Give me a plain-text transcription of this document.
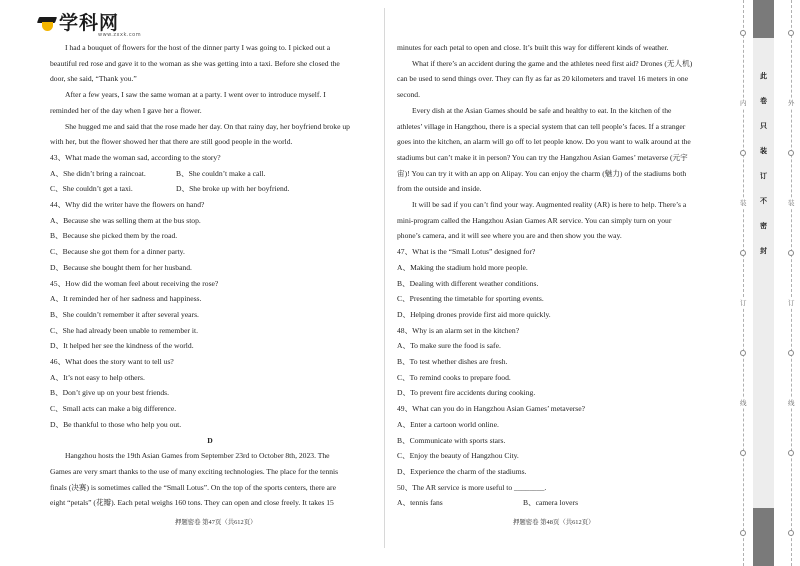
学科网
www.zxxk.com

I had a bouquet of flowers for the host of the dinner party I was going to. I picked out a

beautiful red rose and gave it to the woman as she was getting into a taxi. Before she closed the

door, she said, “Thank you.”

After a few years, I saw the same woman at a party. I went over to introduce myself. I

reminded her of the day when I gave her a flower.

She hugged me and said that the rose made her day. On that rainy day, her boyfriend broke up

with her, but the flower showed her that there are still good people in the world.

43、What made the woman sad, according to the story?

A、She didn’t bring a raincoat.	B、She couldn’t make a call.

C、She couldn’t get a taxi.	D、She broke up with her boyfriend.

44、Why did the writer have the flowers on hand?

A、Because she was selling them at the bus stop.

B、Because she picked them by the road.

C、Because she got them for a dinner party.

D、Because she bought them for her husband.

45、How did the woman feel about receiving the rose?

A、It reminded her of her sadness and happiness.

B、She couldn’t remember it after several years.

C、She had already been unable to remember it.

D、It helped her see the kindness of the world.

46、What does the story want to tell us?

A、It’s not easy to help others.

B、Don’t give up on your best friends.

C、Small acts can make a big difference.

D、Be thankful to those who help you out.

D

Hangzhou hosts the 19th Asian Games from September 23rd to October 8th, 2023. The

Games are very smart thanks to the use of many exciting technologies. The place for the tennis

finals (决赛) is sometimes called the “Small Lotus”. On the top of the sports centers, there are

eight “petals” (花瓣). Each petal weighs 160 tons. They can open and close freely. It takes 15

minutes for each petal to open and close. It’s built this way for different kinds of weather.

What if there’s an accident during the game and the athletes need first aid? Drones (无人机)

can be used to send things over. They can fly as far as 20 kilometers and travel 16 meters in one

second.

Every dish at the Asian Games should be safe and healthy to eat. In the kitchen of the

athletes’ village in Hangzhou, there is a special system that can tell people’s faces. If a stranger

goes into the kitchen, an alarm will go off to let people know. Do you want to walk around at the

stadiums but can’t make it in person? You can try the Hangzhou Asian Games’ metaverse (元宇

宙)! You can try it with an app on Alipay. You can enjoy the charm (魅力) of the stadiums both

from the outside and inside.

It will be sad if you can’t find your way. Augmented reality (AR) is here to help. There’s a

mini-program called the Hangzhou Asian Games AR service. You can simply turn on your

phone’s camera, and it will see where you are and then show you the way.

47、What is the “Small Lotus” designed for?

A、Making the stadium hold more people.

B、Dealing with different weather conditions.

C、Presenting the timetable for sporting events.

D、Helping drones provide first aid more quickly.

48、Why is an alarm set in the kitchen?

A、To make sure the food is safe.

B、To test whether dishes are fresh.

C、To remind cooks to prepare food.

D、To prevent fire accidents during cooking.

49、What can you do in Hangzhou Asian Games’ metaverse?

A、Enter a cartoon world online.

B、Communicate with sports stars.

C、Enjoy the beauty of Hangzhou City.

D、Experience the charm of the stadiums.

50、The AR service is more useful to ________.

A、tennis fans	B、camera lovers

押题密卷 第47页（共612页）	押题密卷 第48页（共612页）
此
卷
只
装
订
不
密
封
内	外
装
订
线
装
订
线
